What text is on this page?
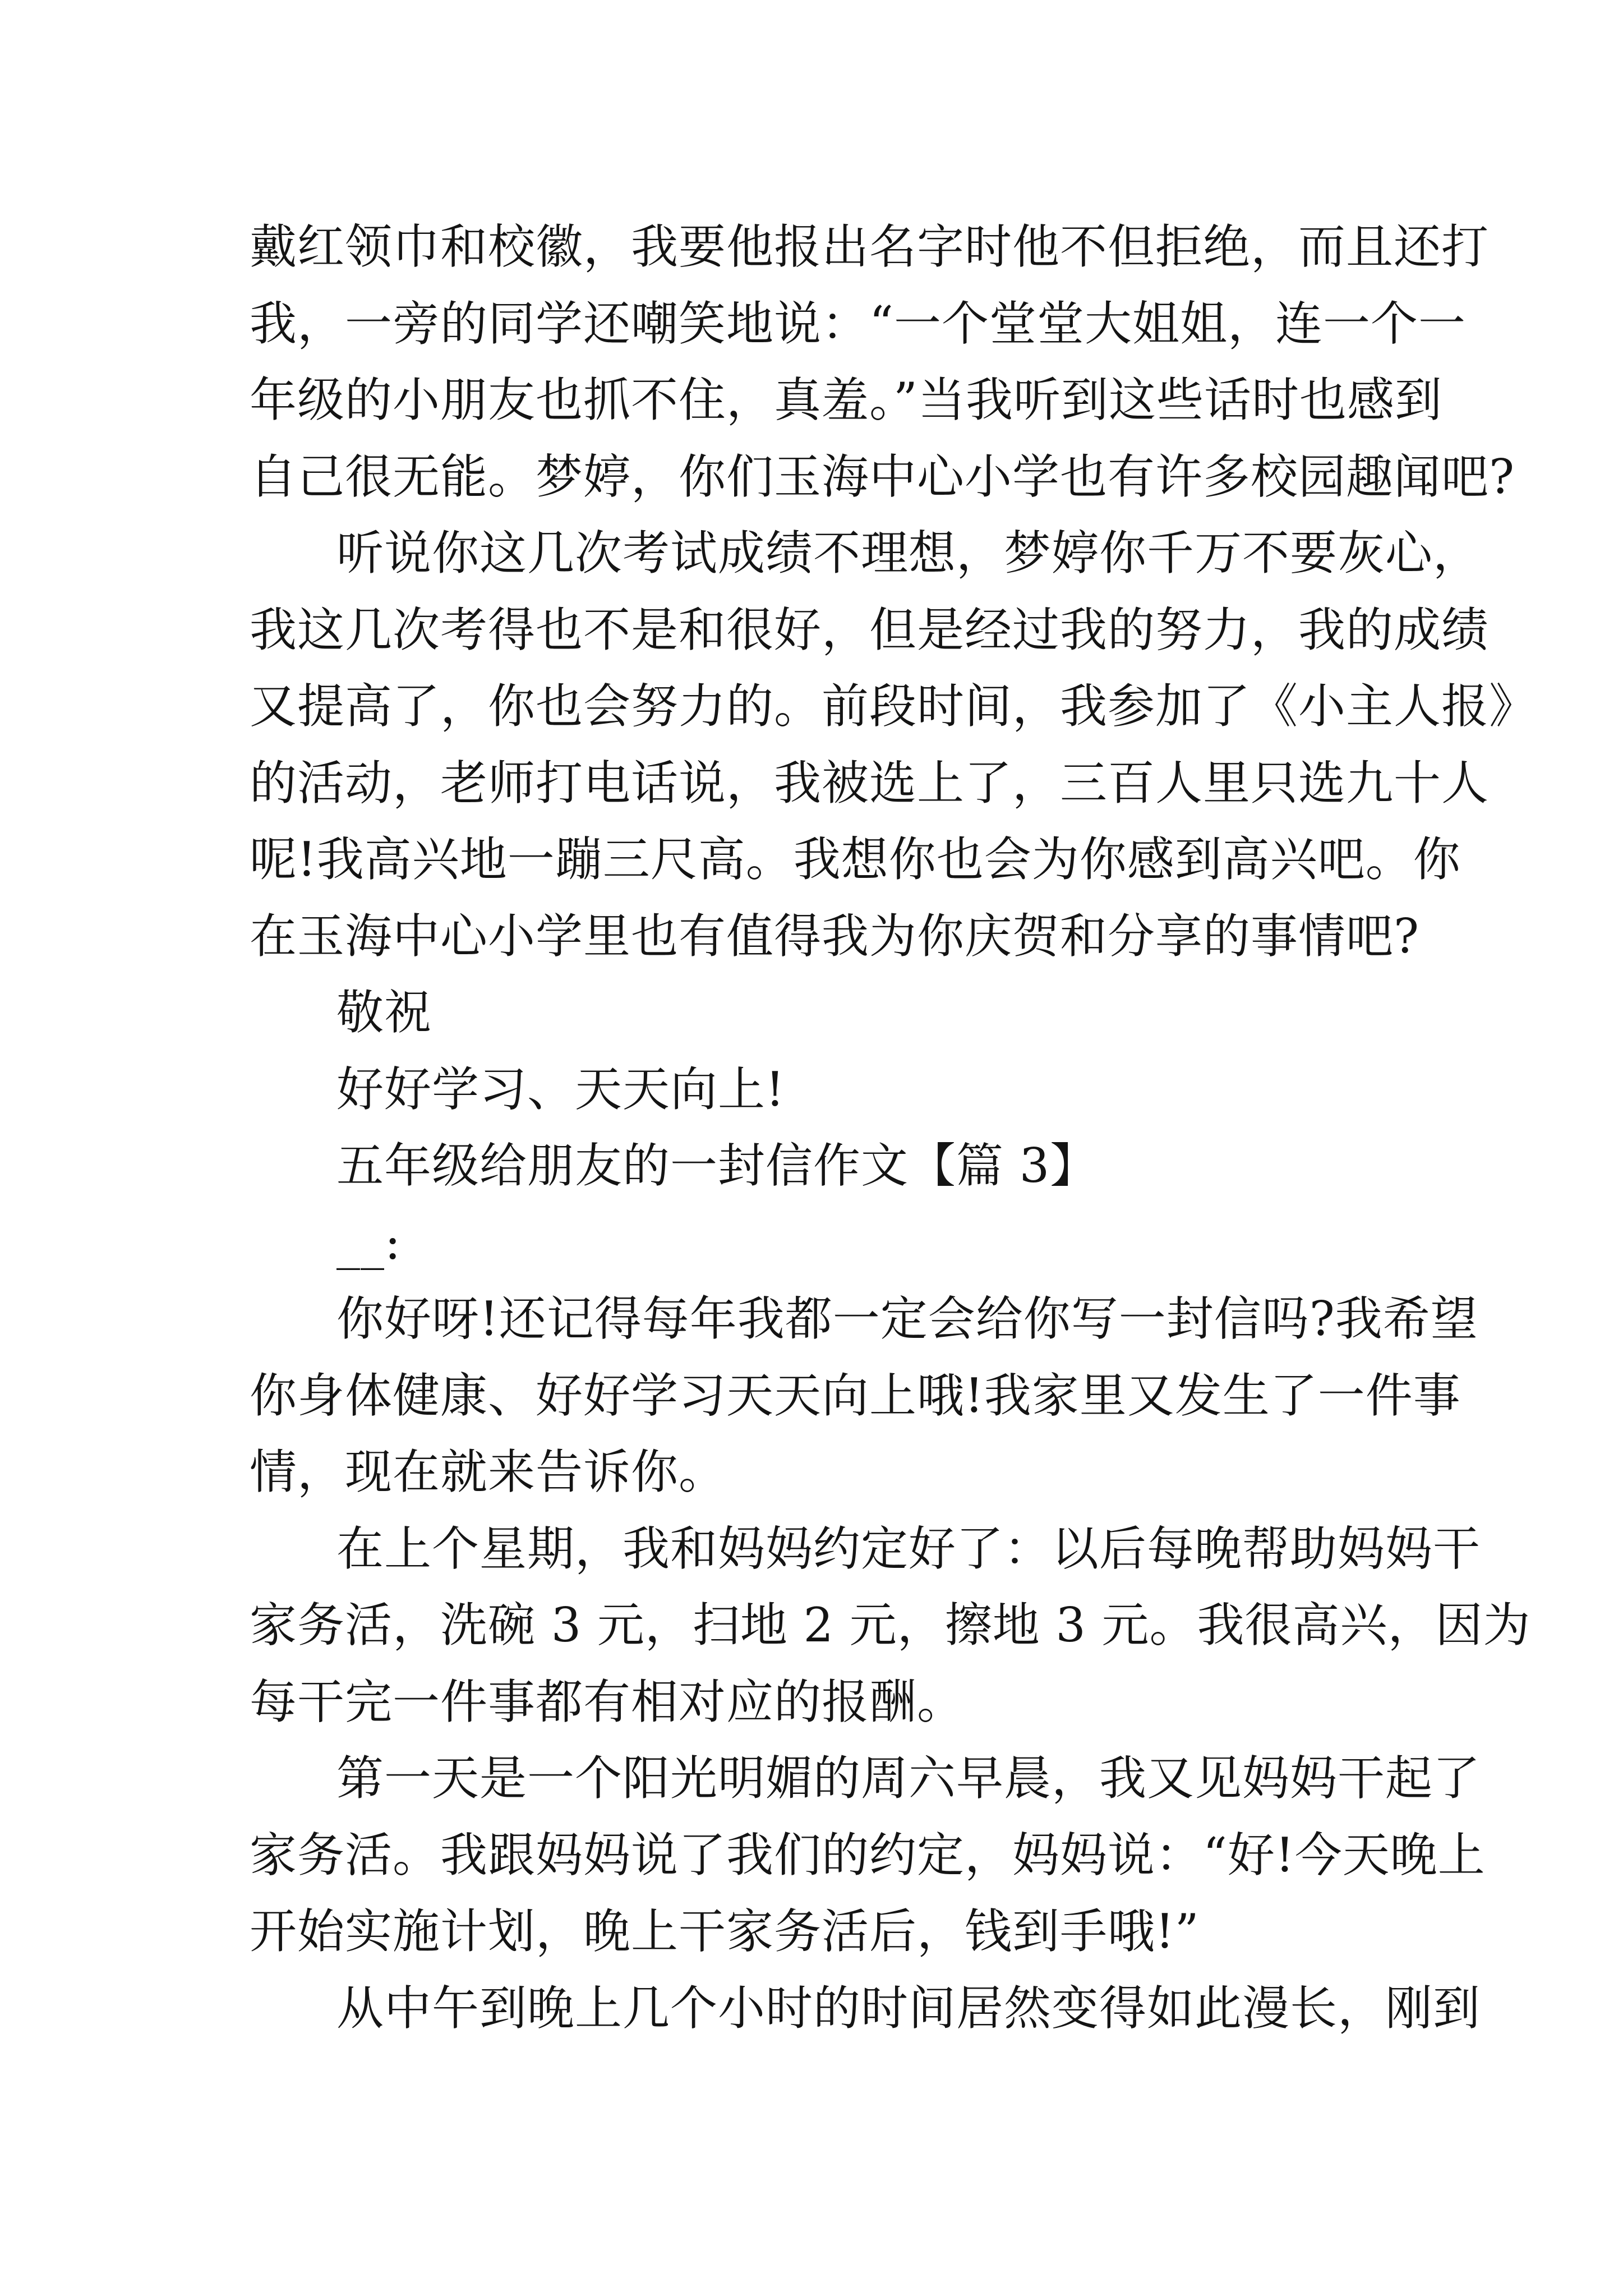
戴红领巾和校徽，我要他报出名字时他不但拒绝，而且还打
我，一旁的同学还嘲笑地说：“一个堂堂大姐姐，连一个一
年级的小朋友也抓不住，真羞。”当我听到这些话时也感到
自己很无能。梦婷，你们玉海中心小学也有许多校园趣闻吧?
听说你这几次考试成绩不理想，梦婷你千万不要灰心，
我这几次考得也不是和很好，但是经过我的努力，我的成绩
又提高了，你也会努力的。前段时间，我参加了《小主人报》
的活动，老师打电话说，我被选上了，三百人里只选九十人
呢!我高兴地一蹦三尺高。我想你也会为你感到高兴吧。你
在玉海中心小学里也有值得我为你庆贺和分享的事情吧?
敬祝
好好学习、天天向上!
五年级给朋友的一封信作文【篇 3】
__:
你好呀!还记得每年我都一定会给你写一封信吗?我希望
你身体健康、好好学习天天向上哦!我家里又发生了一件事
情，现在就来告诉你。
在上个星期，我和妈妈约定好了：以后每晚帮助妈妈干
家务活，洗碗 3 元，扫地 2 元，擦地 3 元。我很高兴，因为
每干完一件事都有相对应的报酬。
第一天是一个阳光明媚的周六早晨，我又见妈妈干起了
家务活。我跟妈妈说了我们的约定，妈妈说：“好!今天晚上
开始实施计划，晚上干家务活后，钱到手哦!”
从中午到晚上几个小时的时间居然变得如此漫长，刚到
